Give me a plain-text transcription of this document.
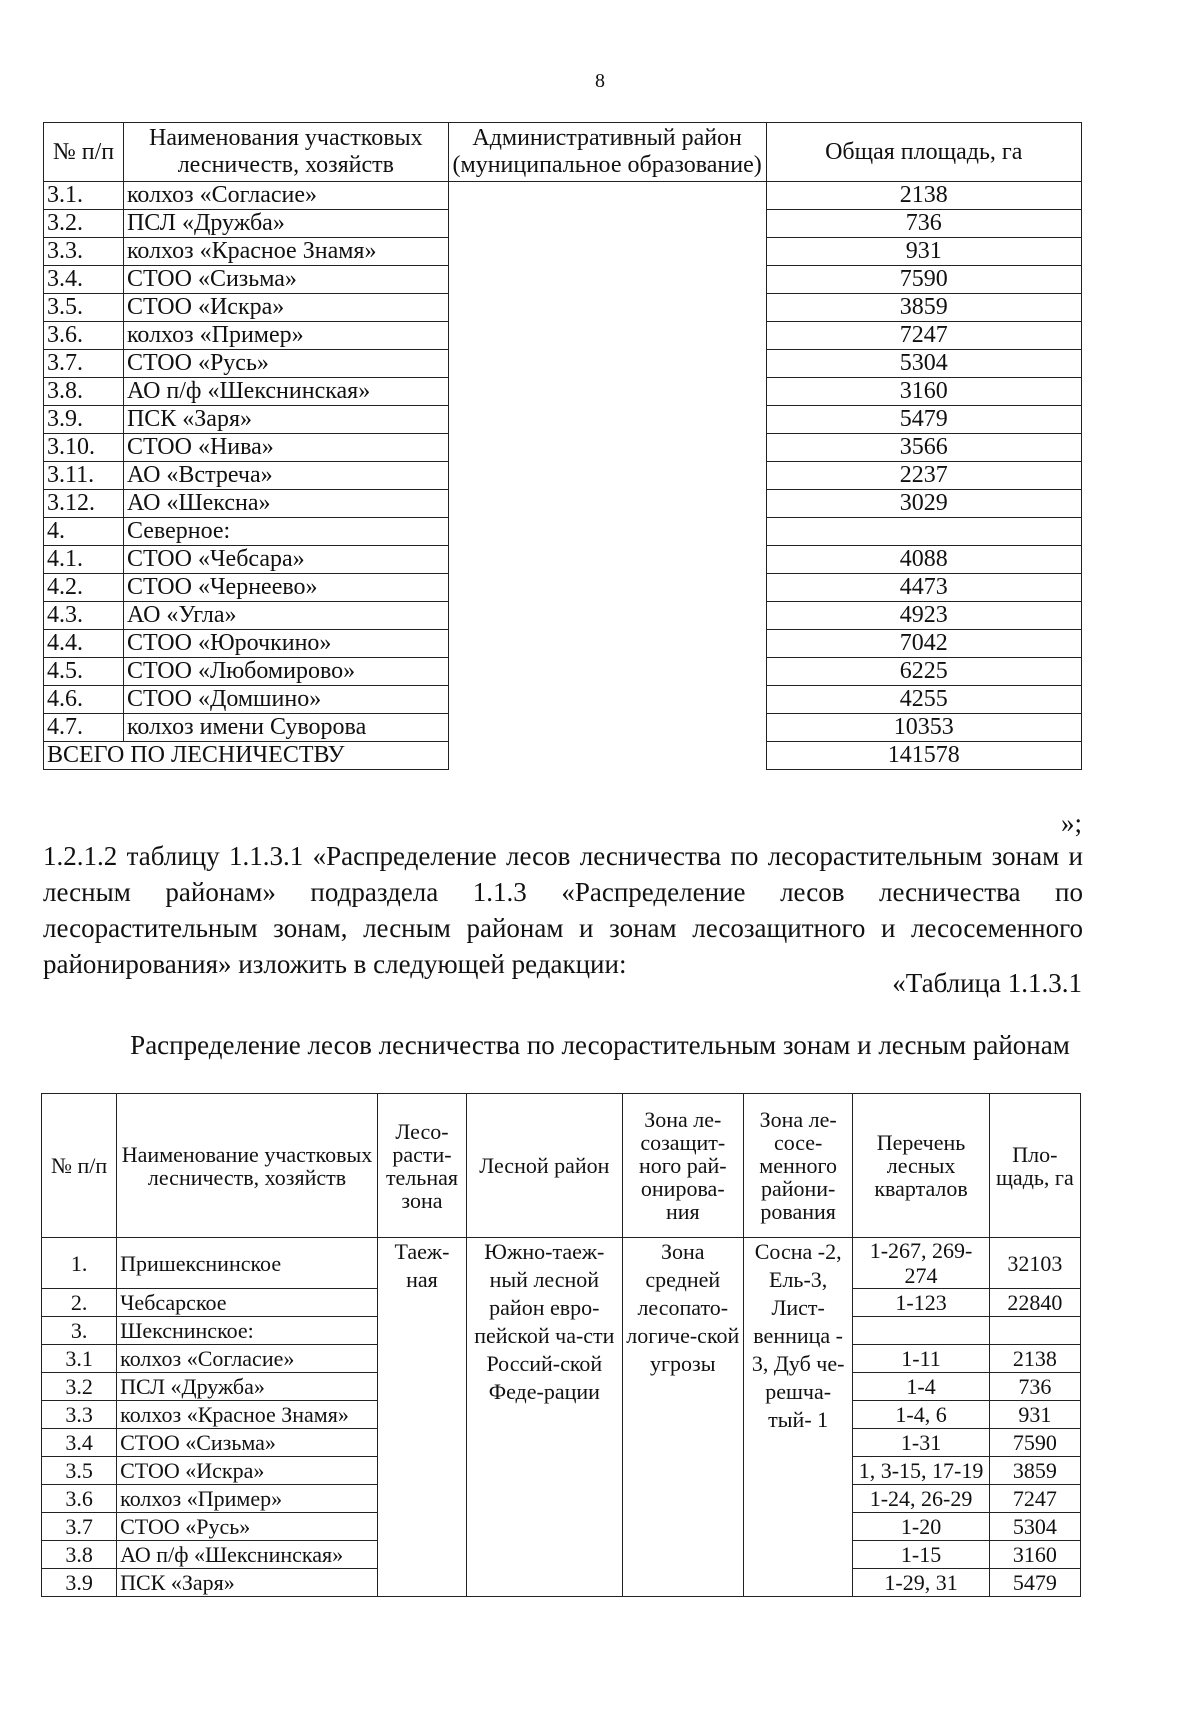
8
№ п/п	Наименования участковых лесничеств, хозяйств	Административный район (муниципальное образование)	Общая площадь, га
3.1.	колхоз «Согласие»		2138
3.2.	ПСЛ «Дружба»		736
3.3.	колхоз «Красное Знамя»		931
3.4.	СТОО «Сизьма»		7590
3.5.	СТОО «Искра»		3859
3.6.	колхоз «Пример»		7247
3.7.	СТОО «Русь»		5304
3.8.	АО п/ф «Шекснинская»		3160
3.9.	ПСК «Заря»		5479
3.10.	СТОО «Нива»		3566
3.11.	АО «Встреча»		2237
3.12.	АО «Шексна»		3029
4.	Северное:		
4.1.	СТОО «Чебсара»		4088
4.2.	СТОО «Чернеево»		4473
4.3.	АО «Угла»		4923
4.4.	СТОО «Юрочкино»		7042
4.5.	СТОО «Любомирово»		6225
4.6.	СТОО «Домшино»		4255
4.7.	колхоз имени Суворова		10353
ВСЕГО ПО ЛЕСНИЧЕСТВУ			141578
»;
1.2.1.2 таблицу 1.1.3.1 «Распределение лесов лесничества по лесорастительным зонам и лесным районам» подраздела 1.1.3 «Распределение лесов лесничества по лесорастительным зонам, лесным районам и зонам лесозащитного и лесосеменного районирования» изложить в следующей редакции:
«Таблица 1.1.3.1
Распределение лесов лесничества по лесорастительным зонам и лесным районам
№ п/п	Наименование участковых лесничеств, хозяйств	Лесо-расти-тельная зона	Лесной район	Зона ле-созащит-ного рай-онирова-ния	Зона ле-сосе-менного райони-рования	Перечень лесных кварталов	Пло-щадь, га
1.	Пришекснинское	Таеж-ная	Южно-таеж-ный лесной район евро-пейской ча-сти Россий-ской Феде-рации	Зона средней лесопато-логиче-ской угрозы	Сосна -2, Ель-3, Лист-венница - 3, Дуб че-решча-тый- 1	1-267, 269-274	32103
2.	Чебсарское					1-123	22840
3.	Шекснинское:						
3.1	колхоз «Согласие»					1-11	2138
3.2	ПСЛ «Дружба»					1-4	736
3.3	колхоз «Красное Знамя»					1-4, 6	931
3.4	СТОО «Сизьма»					1-31	7590
3.5	СТОО «Искра»					1, 3-15, 17-19	3859
3.6	колхоз «Пример»					1-24, 26-29	7247
3.7	СТОО «Русь»					1-20	5304
3.8	АО п/ф «Шекснинская»					1-15	3160
3.9	ПСК «Заря»					1-29, 31	5479
